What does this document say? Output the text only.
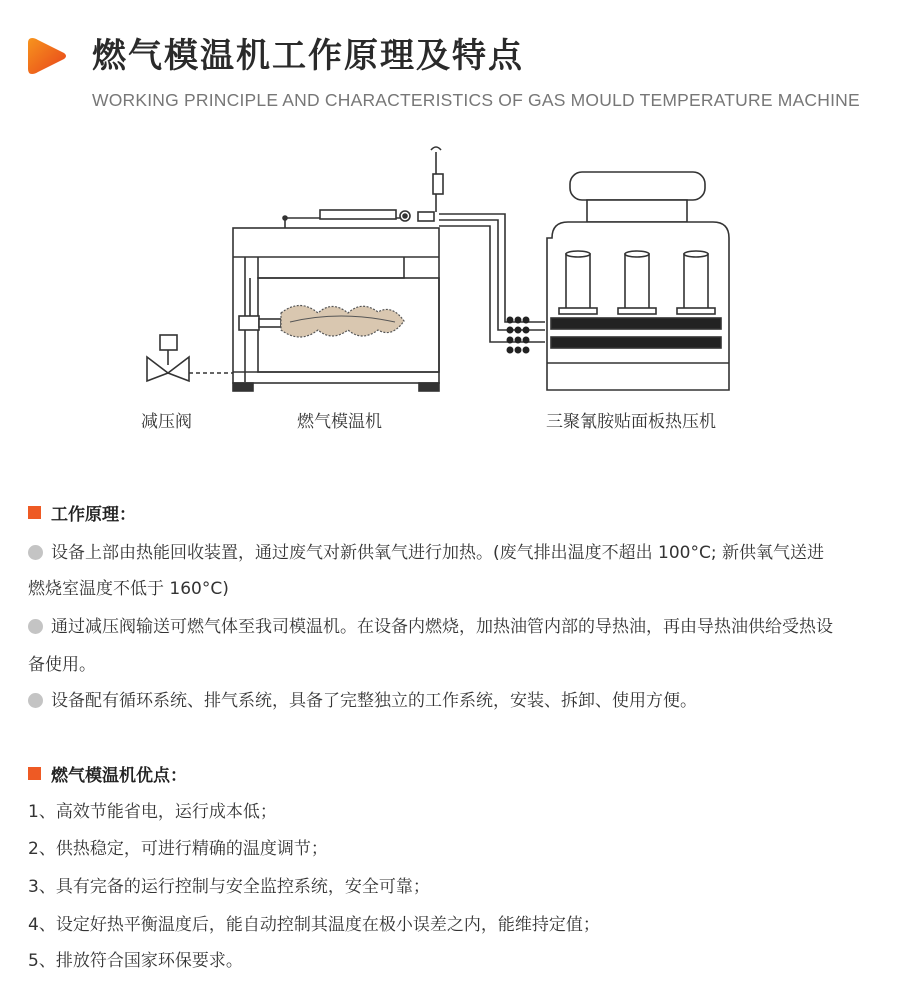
燃气模温机工作原理及特点
WORKING PRINCIPLE AND CHARACTERISTICS OF GAS MOULD TEMPERATURE MACHINE
减压阀	燃气模温机	三聚氰胺贴面板热压机
工作原理：
设备上部由热能回收装置，通过废气对新供氧气进行加热。(废气排出温度不超出 100°C; 新供氧气送进
燃烧室温度不低于 160°C)
通过减压阀输送可燃气体至我司模温机。在设备内燃烧，加热油管内部的导热油，再由导热油供给受热设
备使用。
设备配有循环系统、排气系统，具备了完整独立的工作系统，安装、拆卸、使用方便。
燃气模温机优点：
1、高效节能省电，运行成本低；
2、供热稳定，可进行精确的温度调节；
3、具有完备的运行控制与安全监控系统，安全可靠；
4、设定好热平衡温度后，能自动控制其温度在极小误差之内，能维持定值；
5、排放符合国家环保要求。
